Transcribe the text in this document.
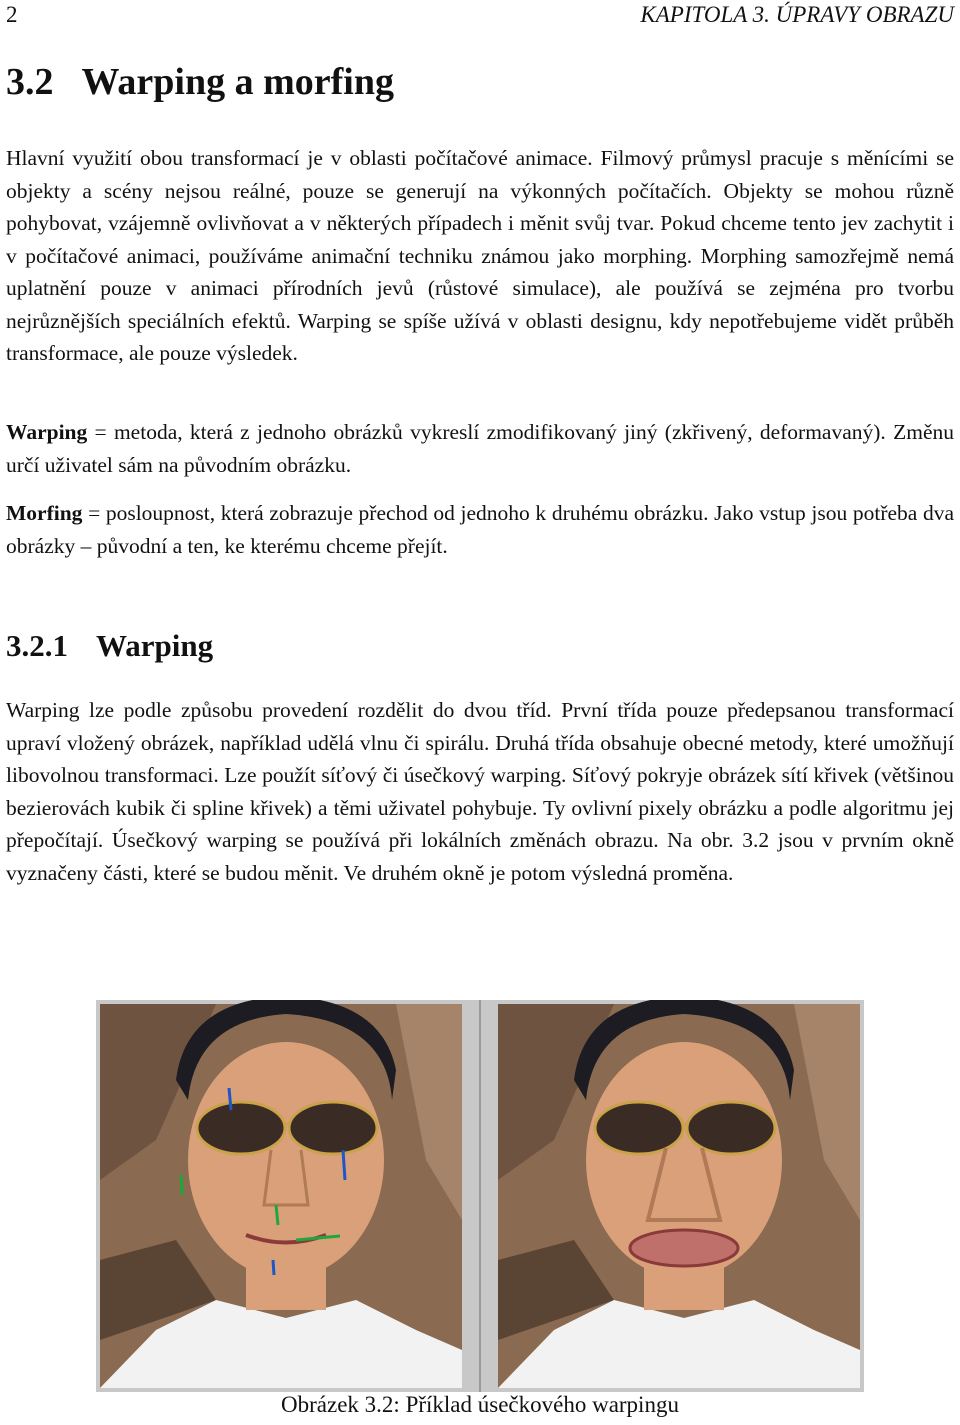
2	KAPITOLA 3. ÚPRAVY OBRAZU
3.2 Warping a morfing

Hlavní využití obou transformací je v oblasti počítačové animace. Filmový průmysl pracuje s měnícími se objekty a scény nejsou reálné, pouze se generují na výkonných počítačích. Objekty se mohou různě pohybovat, vzájemně ovlivňovat a v některých případech i měnit svůj tvar. Pokud chceme tento jev zachytit i v počítačové animaci, používáme animační techniku známou jako morphing. Morphing samozřejmě nemá uplatnění pouze v animaci přírodních jevů (růstové simulace), ale používá se zejména pro tvorbu nejrůznějších speciálních efektů. Warping se spíše užívá v oblasti designu, kdy nepotřebujeme vidět průběh transformace, ale pouze výsledek.

Warping = metoda, která z jednoho obrázků vykreslí zmodifikovaný jiný (zkřivený, deformavaný). Změnu určí uživatel sám na původním obrázku.

Morfing = posloupnost, která zobrazuje přechod od jednoho k druhému obrázku. Jako vstup jsou potřeba dva obrázky – původní a ten, ke kterému chceme přejít.

3.2.1 Warping

Warping lze podle způsobu provedení rozdělit do dvou tříd. První třída pouze předepsanou transformací upraví vložený obrázek, například udělá vlnu či spirálu. Druhá třída obsahuje obecné metody, které umožňují libovolnou transformaci. Lze použít síťový či úsečkový warping. Síťový pokryje obrázek sítí křivek (většinou bezierovách kubik či spline křivek) a těmi uživatel pohybuje. Ty ovlivní pixely obrázku a podle algoritmu jej přepočítají. Úsečkový warping se používá při lokálních změnách obrazu. Na obr. 3.2 jsou v prvním okně vyznačeny části, které se budou měnit. Ve druhém okně je potom výsledná proměna.

Obrázek 3.2: Příklad úsečkového warpingu
